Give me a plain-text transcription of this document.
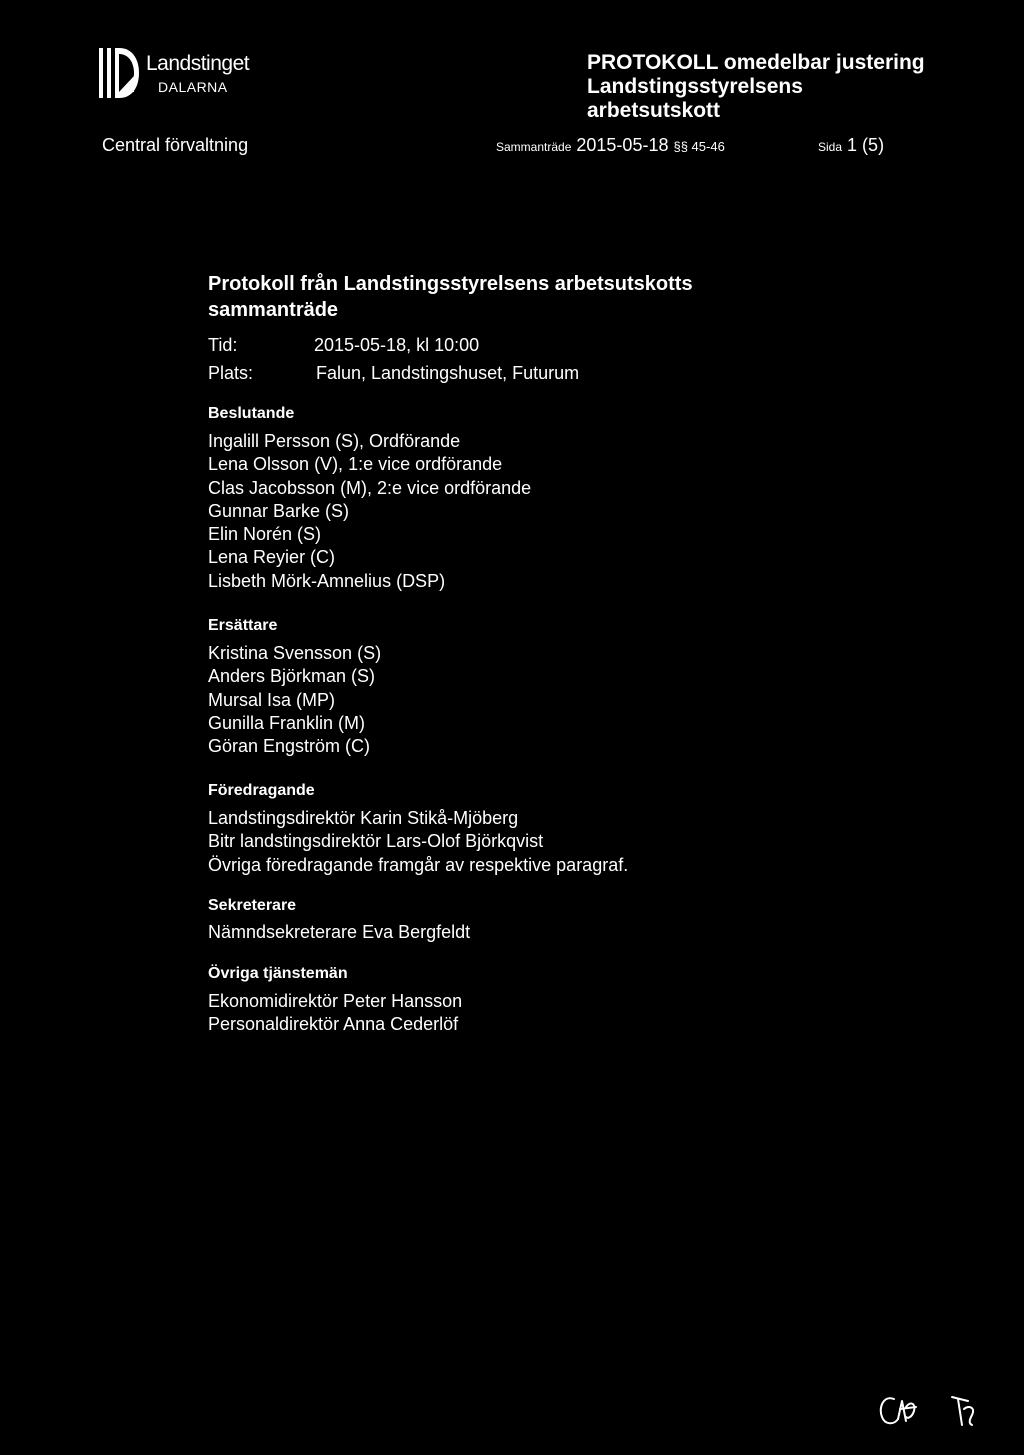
Landstinget
DALARNA
PROTOKOLL omedelbar justering
Landstingsstyrelsens
arbetsutskott
Central förvaltning	Sammanträde 2015-05-18 §§ 45-46	Sida 1 (5)
Protokoll från Landstingsstyrelsens arbetsutskotts
sammanträde
Tid:	2015-05-18, kl 10:00
Plats:	Falun, Landstingshuset, Futurum
Beslutande
Ingalill Persson (S), Ordförande
Lena Olsson (V), 1:e vice ordförande
Clas Jacobsson (M), 2:e vice ordförande
Gunnar Barke (S)
Elin Norén (S)
Lena Reyier (C)
Lisbeth Mörk-Amnelius (DSP)
Ersättare
Kristina Svensson (S)
Anders Björkman (S)
Mursal Isa (MP)
Gunilla Franklin (M)
Göran Engström (C)
Föredragande
Landstingsdirektör Karin Stikå-Mjöberg
Bitr landstingsdirektör Lars-Olof Björkqvist
Övriga föredragande framgår av respektive paragraf.
Sekreterare
Nämndsekreterare Eva Bergfeldt
Övriga tjänstemän
Ekonomidirektör Peter Hansson
Personaldirektör Anna Cederlöf
